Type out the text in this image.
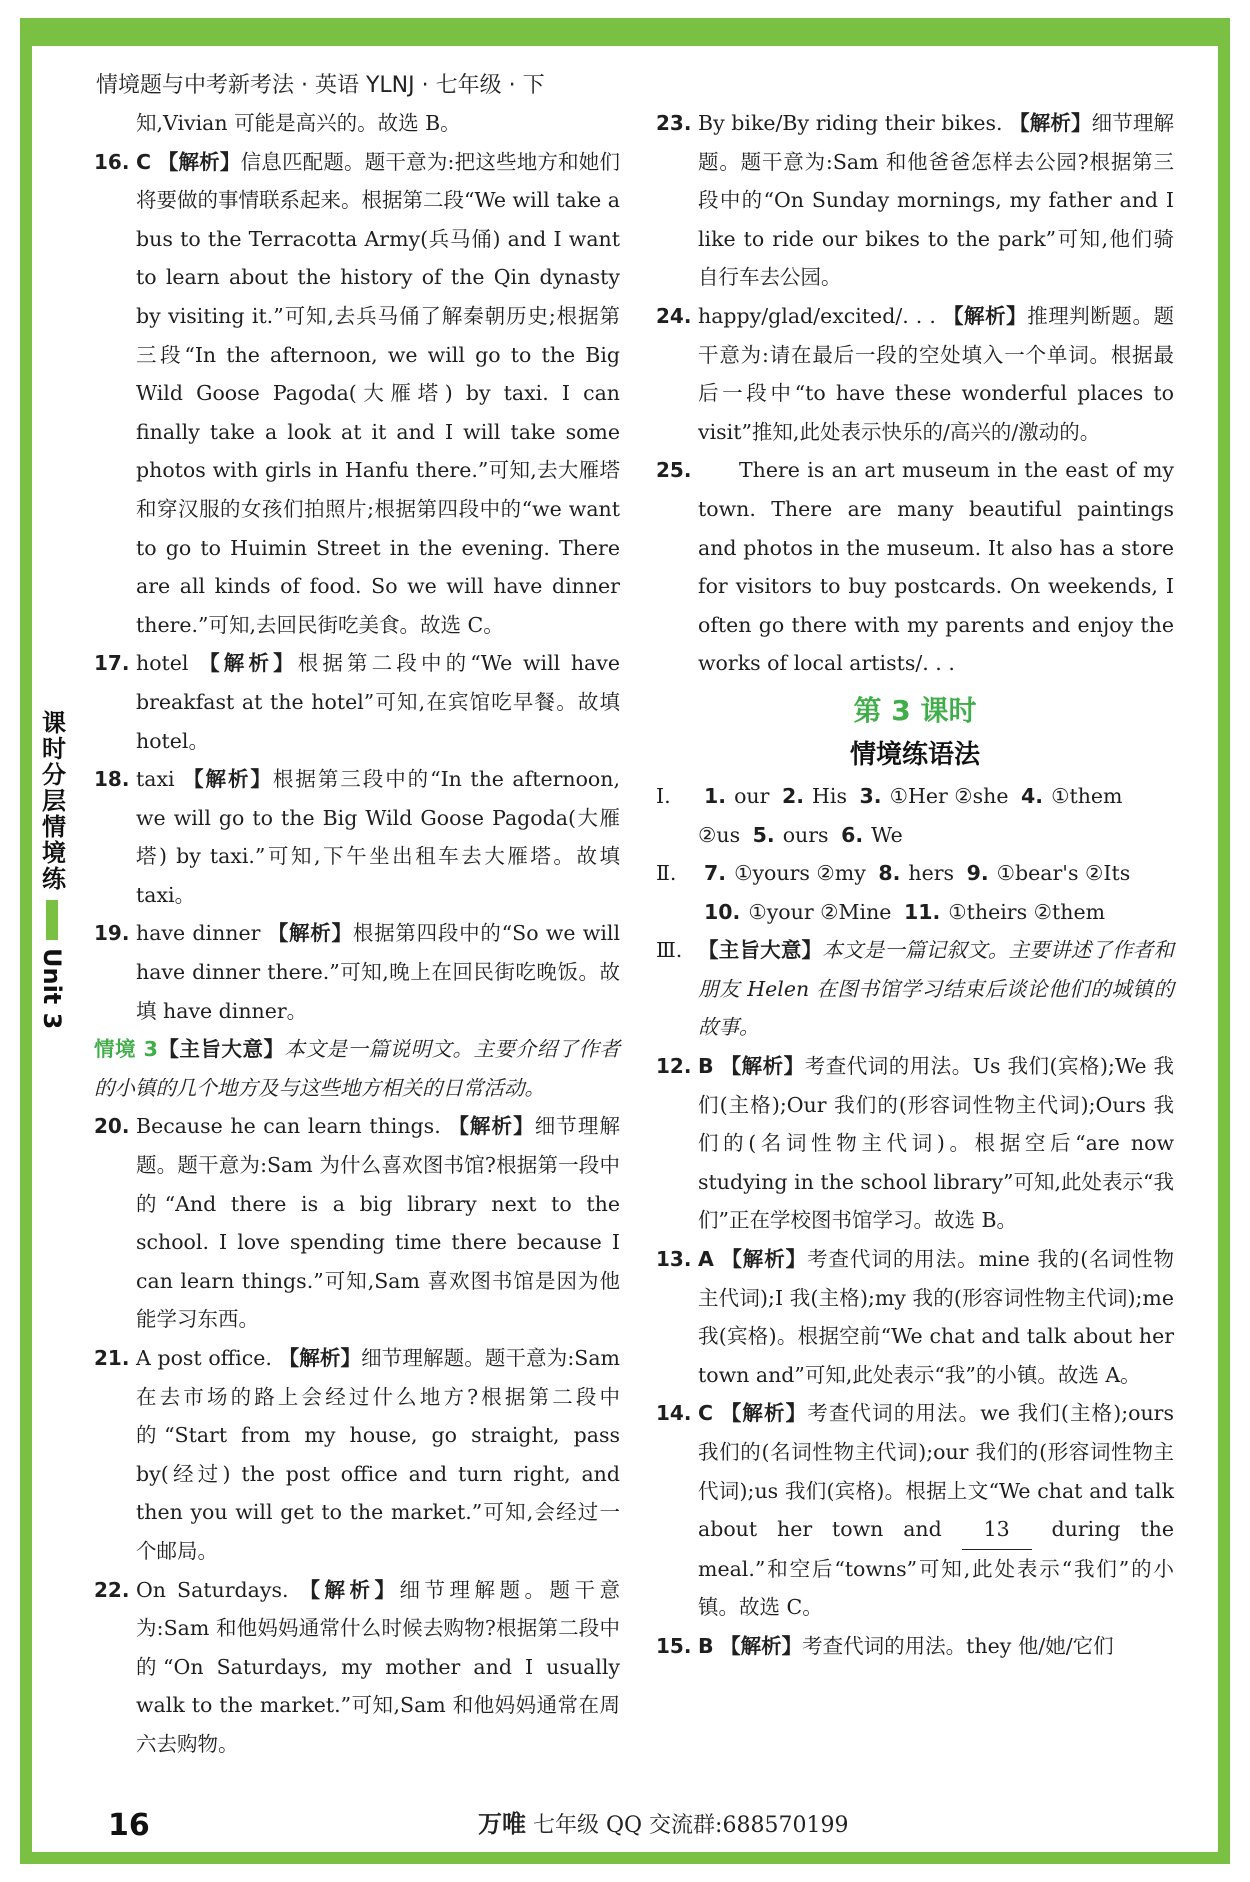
情境题与中考新考法 · 英语 YLNJ · 七年级 · 下
课时分层情境练
Unit 3
知,Vivian 可能是高兴的。故选 B。
16. C 【解析】信息匹配题。题干意为:把这些地方和她们将要做的事情联系起来。根据第二段“We will take a bus to the Terracotta Army(兵马俑) and I want to learn about the history of the Qin dynasty by visiting it.”可知,去兵马俑了解秦朝历史;根据第三段“In the afternoon, we will go to the Big Wild Goose Pagoda(大雁塔) by taxi. I can finally take a look at it and I will take some photos with girls in Hanfu there.”可知,去大雁塔和穿汉服的女孩们拍照片;根据第四段中的“we want to go to Huimin Street in the evening. There are all kinds of food. So we will have dinner there.”可知,去回民街吃美食。故选 C。
17. hotel 【解析】根据第二段中的“We will have breakfast at the hotel”可知,在宾馆吃早餐。故填 hotel。
18. taxi 【解析】根据第三段中的“In the afternoon, we will go to the Big Wild Goose Pagoda(大雁塔) by taxi.”可知,下午坐出租车去大雁塔。故填 taxi。
19. have dinner 【解析】根据第四段中的“So we will have dinner there.”可知,晚上在回民街吃晚饭。故填 have dinner。
情境 3【主旨大意】本文是一篇说明文。主要介绍了作者的小镇的几个地方及与这些地方相关的日常活动。
20. Because he can learn things. 【解析】细节理解题。题干意为:Sam 为什么喜欢图书馆?根据第一段中的“And there is a big library next to the school. I love spending time there because I can learn things.”可知,Sam 喜欢图书馆是因为他能学习东西。
21. A post office. 【解析】细节理解题。题干意为:Sam 在去市场的路上会经过什么地方?根据第二段中的“Start from my house, go straight, pass by(经过) the post office and turn right, and then you will get to the market.”可知,会经过一个邮局。
22. On Saturdays. 【解析】细节理解题。题干意为:Sam 和他妈妈通常什么时候去购物?根据第二段中的“On Saturdays, my mother and I usually walk to the market.”可知,Sam 和他妈妈通常在周六去购物。
23. By bike/By riding their bikes. 【解析】细节理解题。题干意为:Sam 和他爸爸怎样去公园?根据第三段中的“On Sunday mornings, my father and I like to ride our bikes to the park”可知,他们骑自行车去公园。
24. happy/glad/excited/. . . 【解析】推理判断题。题干意为:请在最后一段的空处填入一个单词。根据最后一段中“to have these wonderful places to visit”推知,此处表示快乐的/高兴的/激动的。
25.	There is an art museum in the east of my town. There are many beautiful paintings and photos in the museum. It also has a store for visitors to buy postcards. On weekends, I often go there with my parents and enjoy the works of local artists/. . .
第 3 课时
情境练语法
Ⅰ.	1. our 2. His 3. ①Her ②she 4. ①them
②us 5. ours 6. We
Ⅱ.	7. ①yours ②my 8. hers 9. ①bear's ②Its
10. ①your ②Mine 11. ①theirs ②them
Ⅲ. 【主旨大意】本文是一篇记叙文。主要讲述了作者和朋友 Helen 在图书馆学习结束后谈论他们的城镇的故事。
12. B 【解析】考查代词的用法。Us 我们(宾格);We 我们(主格);Our 我们的(形容词性物主代词);Ours 我们的(名词性物主代词)。根据空后“are now studying in the school library”可知,此处表示“我们”正在学校图书馆学习。故选 B。
13. A 【解析】考查代词的用法。mine 我的(名词性物主代词);I 我(主格);my 我的(形容词性物主代词);me 我(宾格)。根据空前“We chat and talk about her town and”可知,此处表示“我”的小镇。故选 A。
14. C 【解析】考查代词的用法。we 我们(主格);ours 我们的(名词性物主代词);our 我们的(形容词性物主代词);us 我们(宾格)。根据上文“We chat and talk about her town and 13 during the meal.”和空后“towns”可知,此处表示“我们”的小镇。故选 C。
15. B 【解析】考查代词的用法。they 他/她/它们
16	万唯 七年级 QQ 交流群:688570199
